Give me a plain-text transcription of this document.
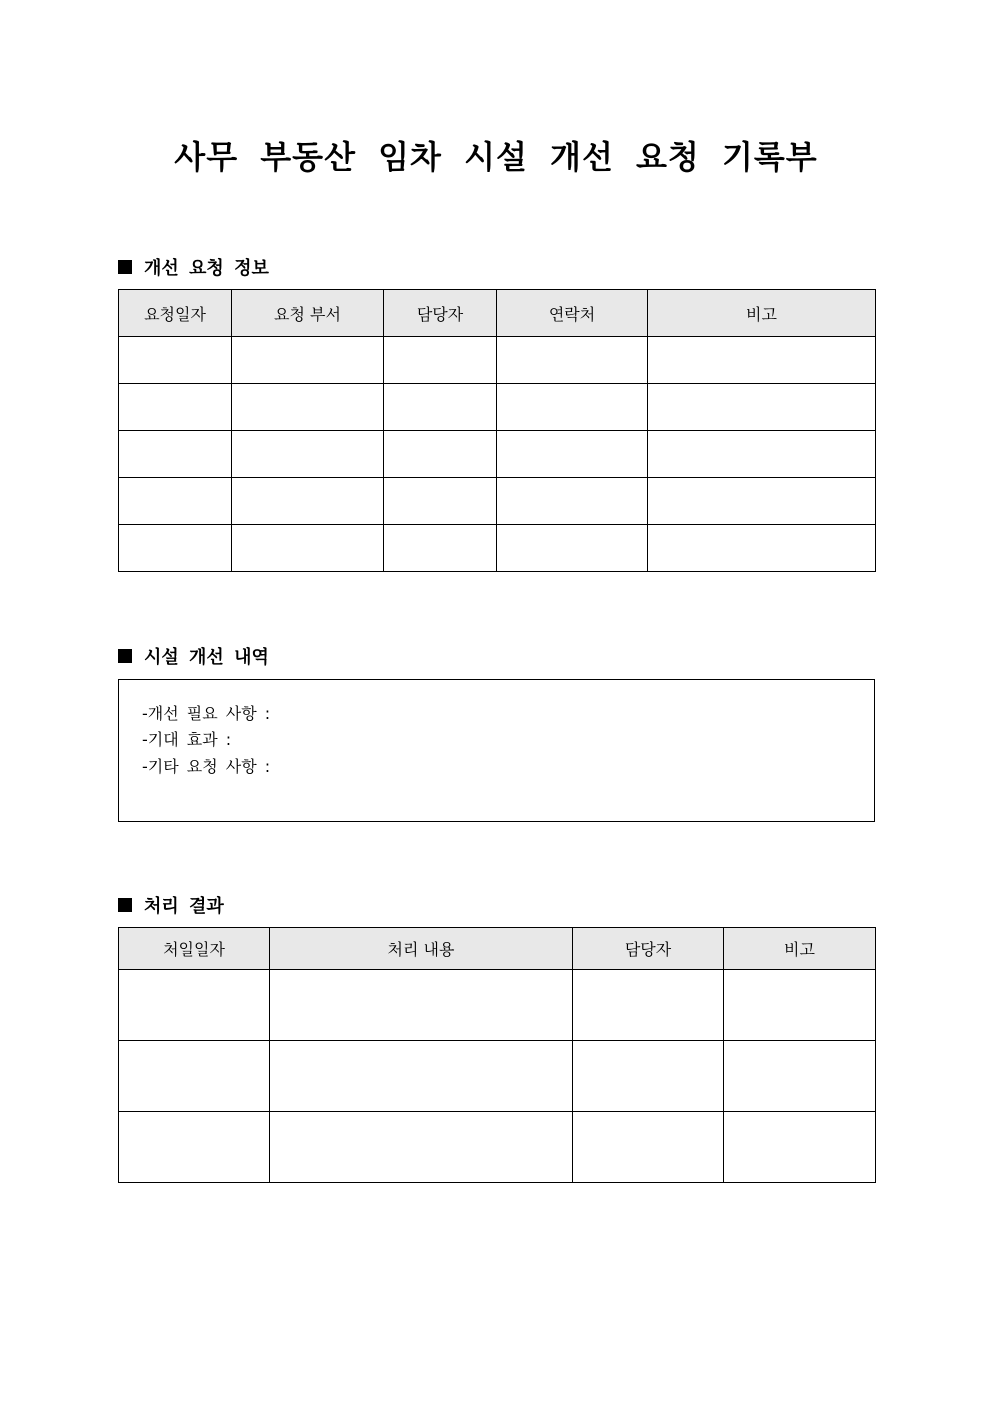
사무 부동산 임차 시설 개선 요청 기록부
개선 요청 정보
요청일자	요청 부서	담당자	연락처	비고

시설 개선 내역
-개선 필요 사항 :
-기대 효과 :
-기타 요청 사항 :
처리 결과
처일일자	처리 내용	담당자	비고
